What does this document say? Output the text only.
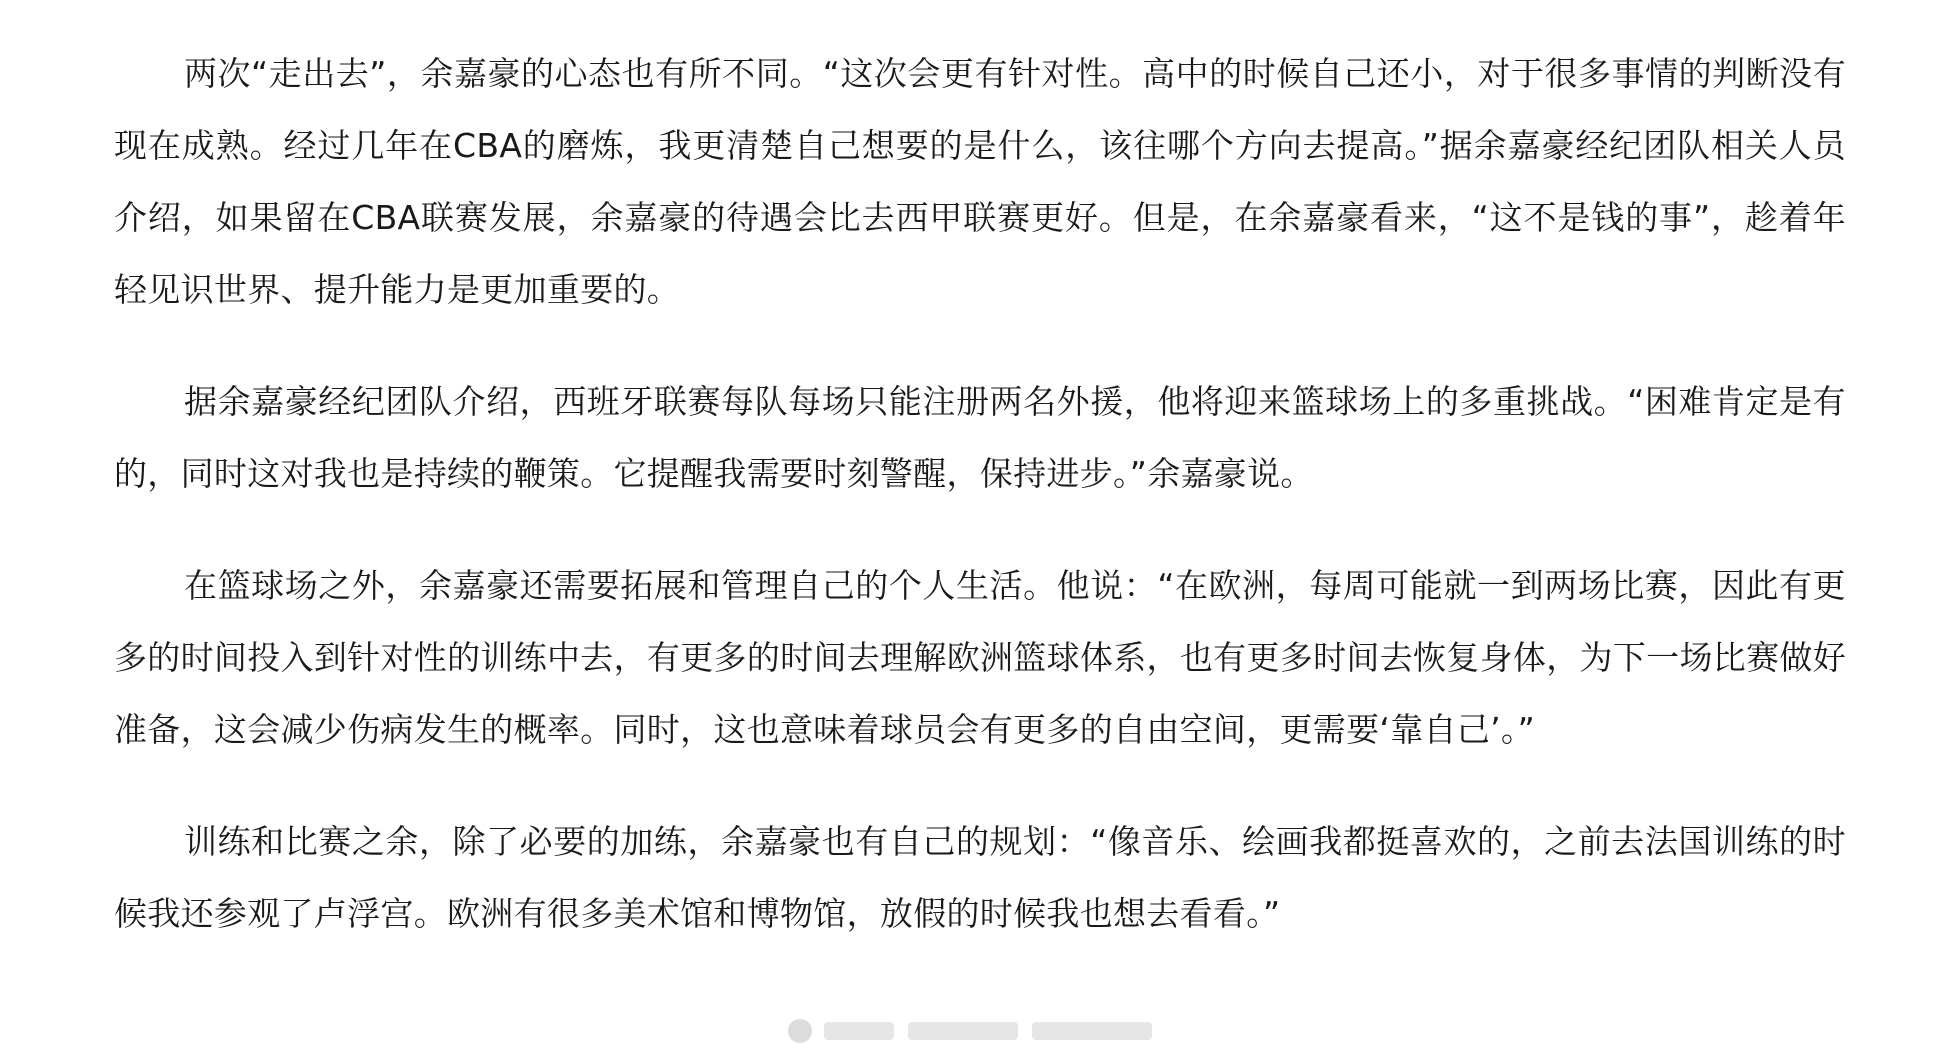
两次“走出去”，余嘉豪的心态也有所不同。“这次会更有针对性。高中的时候自己还小，对于很多事情的判断没有现在成熟。经过几年在CBA的磨炼，我更清楚自己想要的是什么，该往哪个方向去提高。”据余嘉豪经纪团队相关人员介绍，如果留在CBA联赛发展，余嘉豪的待遇会比去西甲联赛更好。但是，在余嘉豪看来，“这不是钱的事”，趁着年轻见识世界、提升能力是更加重要的。

据余嘉豪经纪团队介绍，西班牙联赛每队每场只能注册两名外援，他将迎来篮球场上的多重挑战。“困难肯定是有的，同时这对我也是持续的鞭策。它提醒我需要时刻警醒，保持进步。”余嘉豪说。

在篮球场之外，余嘉豪还需要拓展和管理自己的个人生活。他说：“在欧洲，每周可能就一到两场比赛，因此有更多的时间投入到针对性的训练中去，有更多的时间去理解欧洲篮球体系，也有更多时间去恢复身体，为下一场比赛做好准备，这会减少伤病发生的概率。同时，这也意味着球员会有更多的自由空间，更需要‘靠自己’。”

训练和比赛之余，除了必要的加练，余嘉豪也有自己的规划：“像音乐、绘画我都挺喜欢的，之前去法国训练的时候我还参观了卢浮宫。欧洲有很多美术馆和博物馆，放假的时候我也想去看看。”
